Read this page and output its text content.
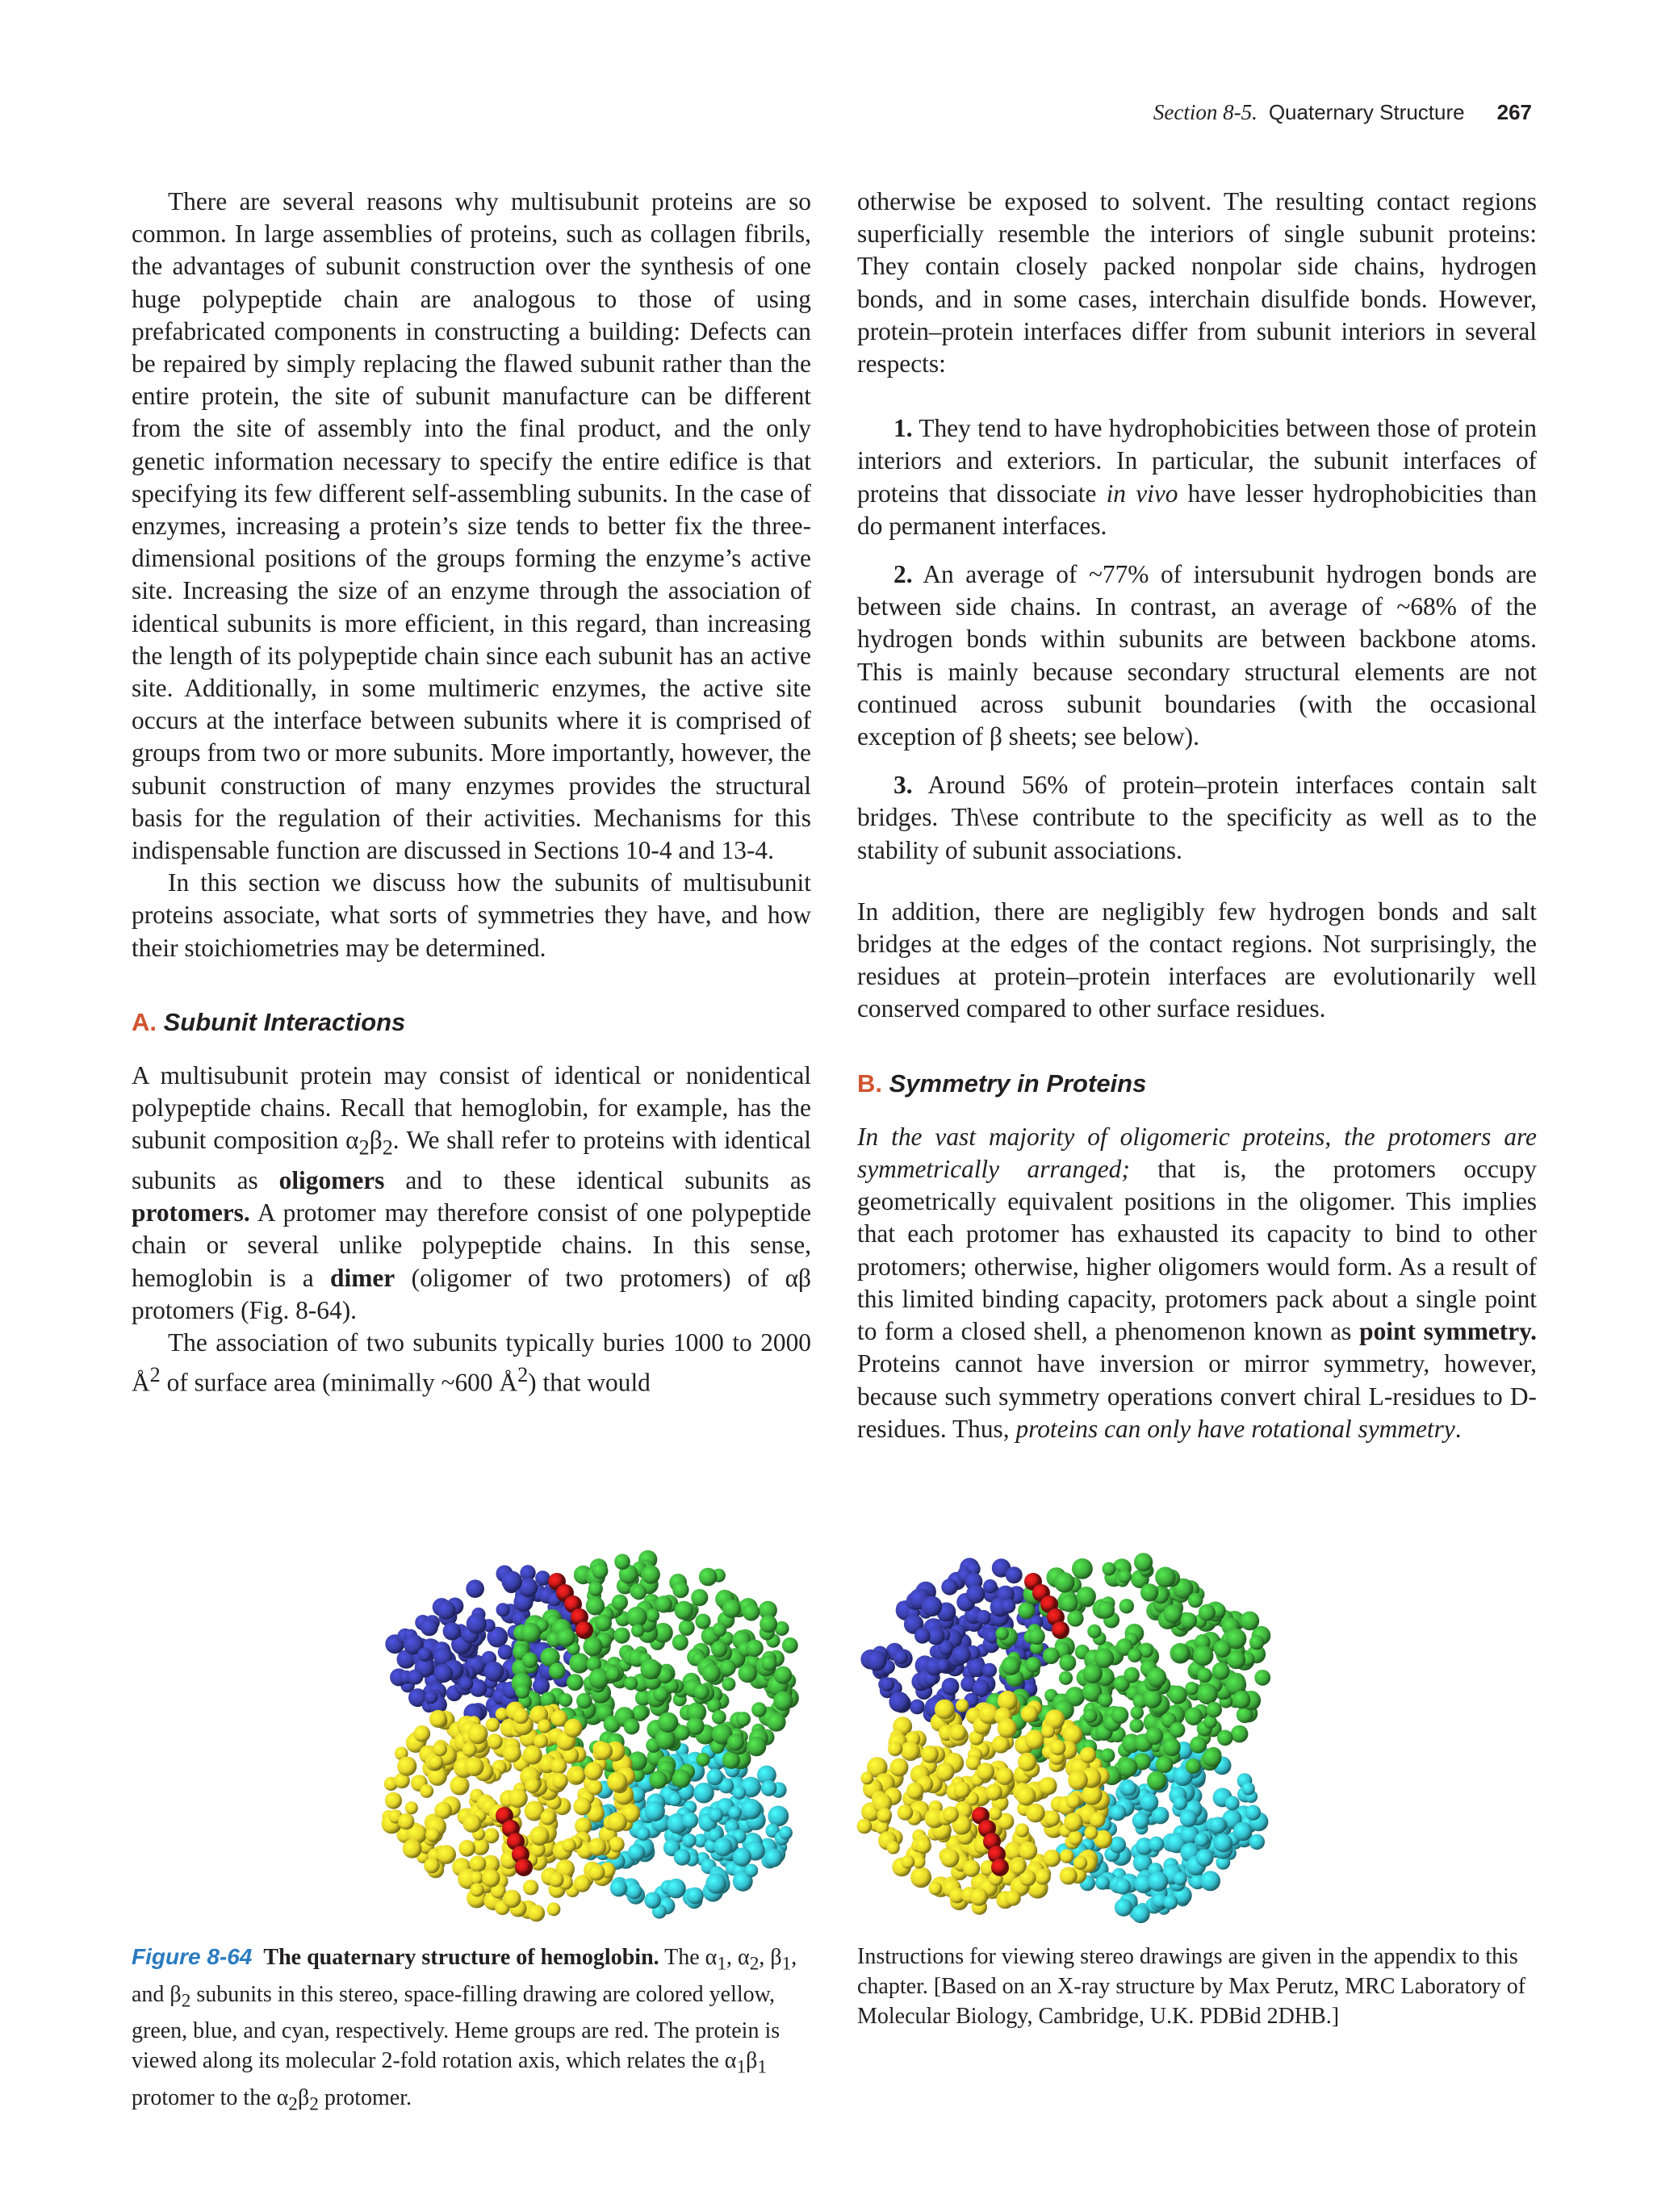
Section 8-5. Quaternary Structure 267

There are several reasons why multisubunit proteins are so common. In large assemblies of proteins, such as collagen fibrils, the advantages of subunit construction over the synthesis of one huge polypeptide chain are analogous to those of using prefabricated components in constructing a building: Defects can be repaired by simply replacing the flawed subunit rather than the entire protein, the site of subunit manufacture can be different from the site of assembly into the final product, and the only genetic information necessary to specify the entire edifice is that specifying its few different self-assembling subunits. In the case of enzymes, increasing a protein’s size tends to better fix the three-dimensional positions of the groups forming the enzyme’s active site. Increasing the size of an enzyme through the association of identical subunits is more efficient, in this regard, than increasing the length of its polypeptide chain since each subunit has an active site. Additionally, in some multimeric enzymes, the active site occurs at the interface between subunits where it is comprised of groups from two or more subunits. More importantly, however, the subunit construction of many enzymes provides the structural basis for the regulation of their activities. Mechanisms for this indispensable function are discussed in Sections 10-4 and 13-4.

In this section we discuss how the subunits of multisubunit proteins associate, what sorts of symmetries they have, and how their stoichiometries may be determined.

A. Subunit Interactions

A multisubunit protein may consist of identical or nonidentical polypeptide chains. Recall that hemoglobin, for example, has the subunit composition $\alpha_2\beta_2$. We shall refer to proteins with identical subunits as oligomers and to these identical subunits as protomers. A protomer may therefore consist of one polypeptide chain or several unlike polypeptide chains. In this sense, hemoglobin is a dimer (oligomer of two protomers) of αβ protomers (Fig. 8-64).

The association of two subunits typically buries 1000 to 2000 $Å^2$ of surface area (minimally ~600 $Å^2$) that would

otherwise be exposed to solvent. The resulting contact regions superficially resemble the interiors of single subunit proteins: They contain closely packed nonpolar side chains, hydrogen bonds, and in some cases, interchain disulfide bonds. However, protein–protein interfaces differ from subunit interiors in several respects:

1. They tend to have hydrophobicities between those of protein interiors and exteriors. In particular, the subunit interfaces of proteins that dissociate in vivo have lesser hydrophobicities than do permanent interfaces.

2. An average of ~77% of intersubunit hydrogen bonds are between side chains. In contrast, an average of ~68% of the hydrogen bonds within subunits are between backbone atoms. This is mainly because secondary structural elements are not continued across subunit boundaries (with the occasional exception of β sheets; see below).

3. Around 56% of protein–protein interfaces contain salt bridges. Th\ese contribute to the specificity as well as to the stability of subunit associations.

In addition, there are negligibly few hydrogen bonds and salt bridges at the edges of the contact regions. Not surprisingly, the residues at protein–protein interfaces are evolutionarily well conserved compared to other surface residues.

B. Symmetry in Proteins

In the vast majority of oligomeric proteins, the protomers are symmetrically arranged; that is, the protomers occupy geometrically equivalent positions in the oligomer. This implies that each protomer has exhausted its capacity to bind to other protomers; otherwise, higher oligomers would form. As a result of this limited binding capacity, protomers pack about a single point to form a closed shell, a phenomenon known as point symmetry. Proteins cannot have inversion or mirror symmetry, however, because such symmetry operations convert chiral L-residues to D-residues. Thus, proteins can only have rotational symmetry.

Figure 8-64 The quaternary structure of hemoglobin. The $\alpha_1$, $\alpha_2$, $\beta_1$, and $\beta_2$ subunits in this stereo, space-filling drawing are colored yellow, green, blue, and cyan, respectively. Heme groups are red. The protein is viewed along its molecular 2-fold rotation axis, which relates the $\alpha_1\beta_1$ protomer to the $\alpha_2\beta_2$ protomer.
Instructions for viewing stereo drawings are given in the appendix to this chapter. [Based on an X-ray structure by Max Perutz, MRC Laboratory of Molecular Biology, Cambridge, U.K. PDBid 2DHB.]
